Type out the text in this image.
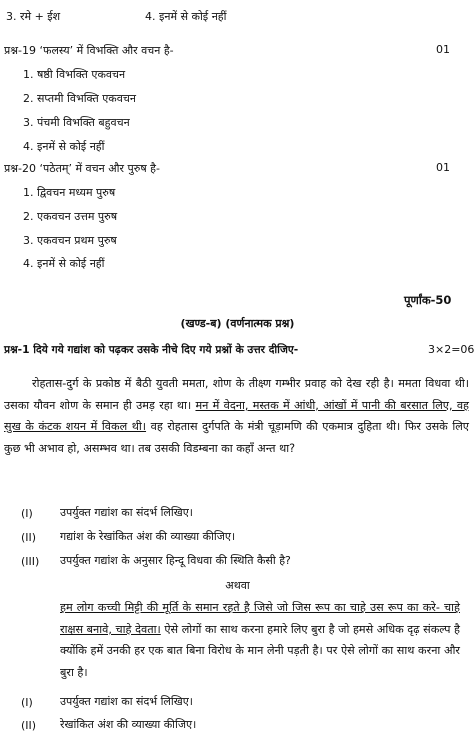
3. रमे + ईश	4. इनमें से कोई नहीं
प्रश्न-19 ‘फलस्य’ में विभक्ति और वचन है-	01
1. षष्ठी विभक्ति एकवचन
2. सप्तमी विभक्ति एकवचन
3. पंचमी विभक्ति बहुवचन
4. इनमें से कोई नहीं
प्रश्न-20 ‘पठेतम्’ में वचन और पुरुष है-	01
1. द्विवचन मध्यम पुरुष
2. एकवचन उत्तम पुरुष
3. एकवचन प्रथम पुरुष
4. इनमें से कोई नहीं
पूर्णांक-50
(खण्ड-ब) (वर्णनात्मक प्रश्न)
प्रश्न-1 दिये गये गद्यांश को पढ़कर उसके नीचे दिए गये प्रश्नों के उत्तर दीजिए-	3×2=06
रोहतास-दुर्ग के प्रकोष्ठ में बैठी युवती ममता, शोण के तीक्ष्ण गम्भीर प्रवाह को देख रही है। ममता विधवा थी। उसका यौवन शोण के समान ही उमड़ रहा था। मन में वेदना, मस्तक में आंधी, आंखों में पानी की बरसात लिए, वह सुख के कंटक शयन में विकल थी। वह रोहतास दुर्गपति के मंत्री चूड़ामणि की एकमात्र दुहिता थी। फिर उसके लिए कुछ भी अभाव हो, असम्भव था। तब उसकी विडम्बना का कहाँ अन्त था?
(I) उपर्युक्त गद्यांश का संदर्भ लिखिए।
(II) गद्यांश के रेखांकित अंश की व्याख्या कीजिए।
(III) उपर्युक्त गद्यांश के अनुसार हिन्दू विधवा की स्थिति कैसी है?
अथवा
हम लोग कच्ची मिट्टी की मूर्ति के समान रहते है जिसे जो जिस रूप का चाहे उस रूप का करे- चाहे राक्षस बनावे, चाहे देवता। ऐसे लोगों का साथ करना हमारे लिए बुरा है जो हमसे अधिक दृढ़ संकल्प है क्योंकि हमें उनकी हर एक बात बिना विरोध के मान लेनी पड़ती है। पर ऐसे लोगों का साथ करना और बुरा है।
(I) उपर्युक्त गद्यांश का संदर्भ लिखिए।
(II) रेखांकित अंश की व्याख्या कीजिए।
